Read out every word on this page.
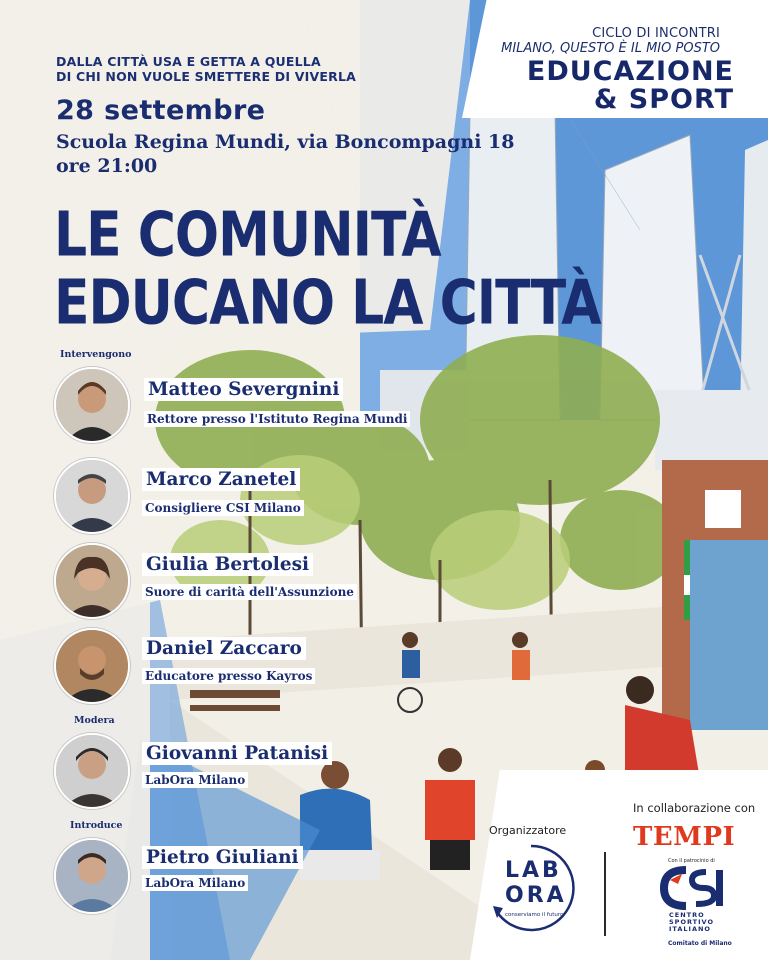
CICLO DI INCONTRI
MILANO, QUESTO È IL MIO POSTO
EDUCAZIONE
& SPORT
DALLA CITTÀ USA E GETTA A QUELLA
DI CHI NON VUOLE SMETTERE DI VIVERLA
28 settembre
Scuola Regina Mundi, via Boncompagni 18
ore 21:00
LE COMUNITÀ
EDUCANO LA CITTÀ
Intervengono
Matteo Severgnini
Rettore presso l'Istituto Regina Mundi
Marco Zanetel
Consigliere CSI Milano
Giulia Bertolesi
Suore di carità dell'Assunzione
Daniel Zaccaro
Educatore presso Kayros
Modera
Giovanni Patanisi
LabOra Milano
Introduce
Pietro Giuliani
LabOra Milano
Organizzatore
In collaborazione con
LAB
ORA
conserviamo il futuro
TEMPI
Con il patrocinio di
CENTRO
SPORTIVO
ITALIANO
Comitato di Milano
